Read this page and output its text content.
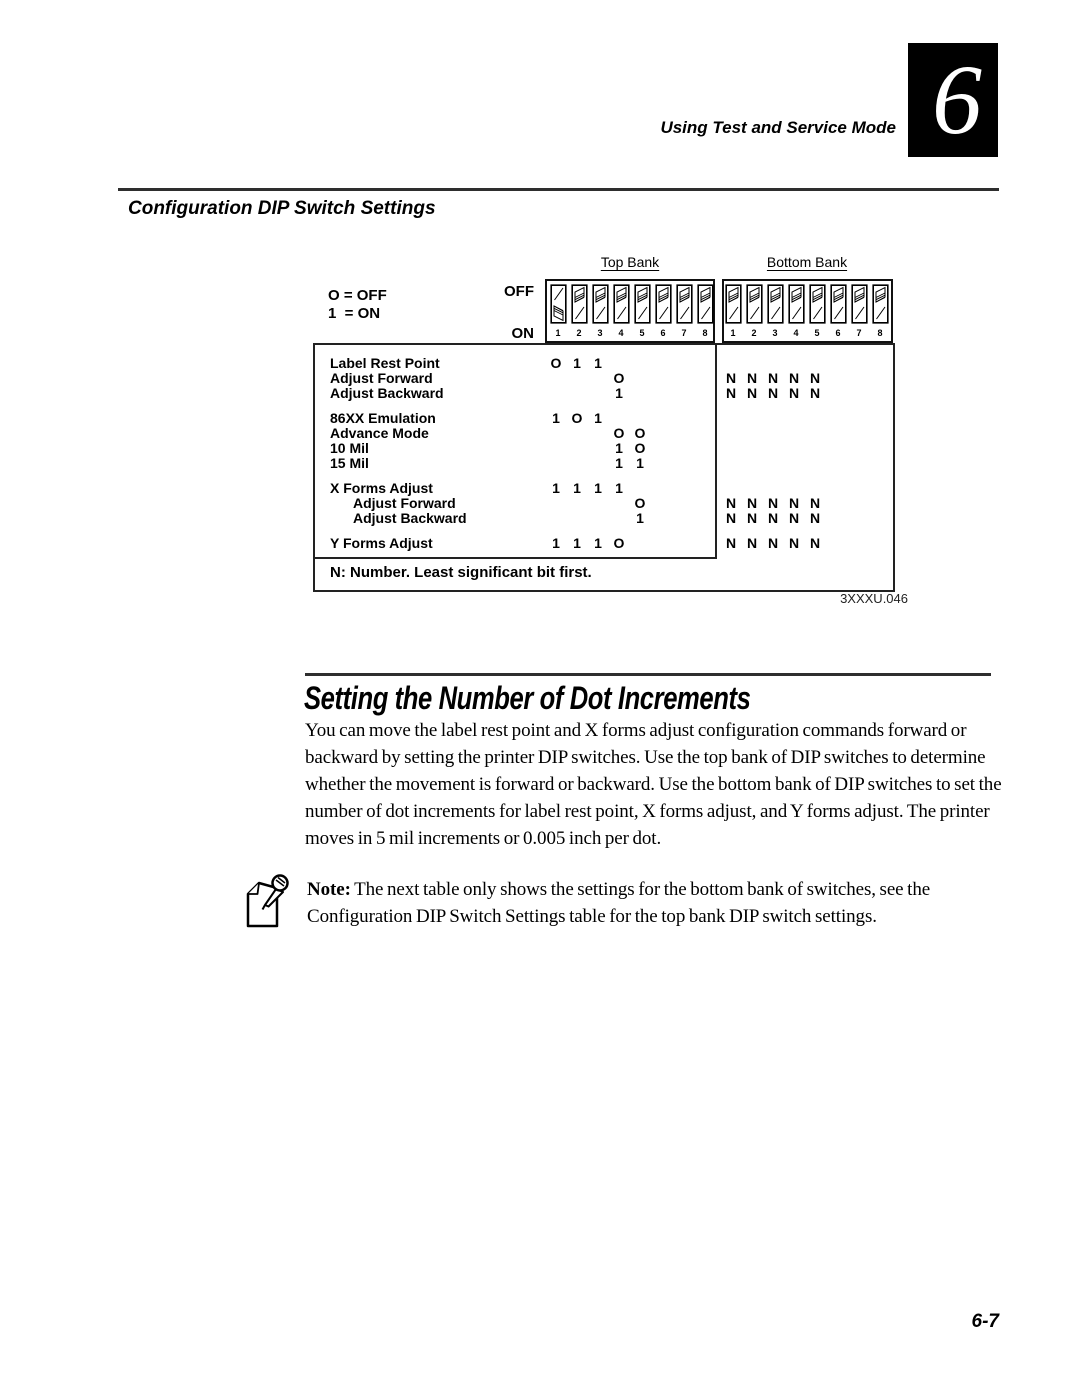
Using Test and Service Mode 6
Configuration DIP Switch Settings
Top Bank	Bottom Bank
O = OFF
1  = ON
OFF
ON	1	2	3	4	5	6	7	8	1	2	3	4	5	6	7	8
Label Rest Point	O 1 1
Adjust Forward	O	N N N N N
Adjust Backward	1	N N N N N
86XX Emulation	1 O 1
Advance Mode	O O
10 Mil	1 O
15 Mil	1 1
X Forms Adjust	1 1 1 1
Adjust Forward	O	N N N N N
Adjust Backward	1	N N N N N
Y Forms Adjust	1 1 1 O	N N N N N
N: Number. Least significant bit first.
3XXXU.046
Setting the Number of Dot Increments
You can move the label rest point and X forms adjust configuration commands forward or backward by setting the printer DIP switches. Use the top bank of DIP switches to determine whether the movement is forward or backward. Use the bottom bank of DIP switches to set the number of dot increments for label rest point, X forms adjust, and Y forms adjust. The printer moves in 5 mil increments or 0.005 inch per dot.
Note: The next table only shows the settings for the bottom bank of switches, see the Configuration DIP Switch Settings table for the top bank DIP switch settings.
6-7
